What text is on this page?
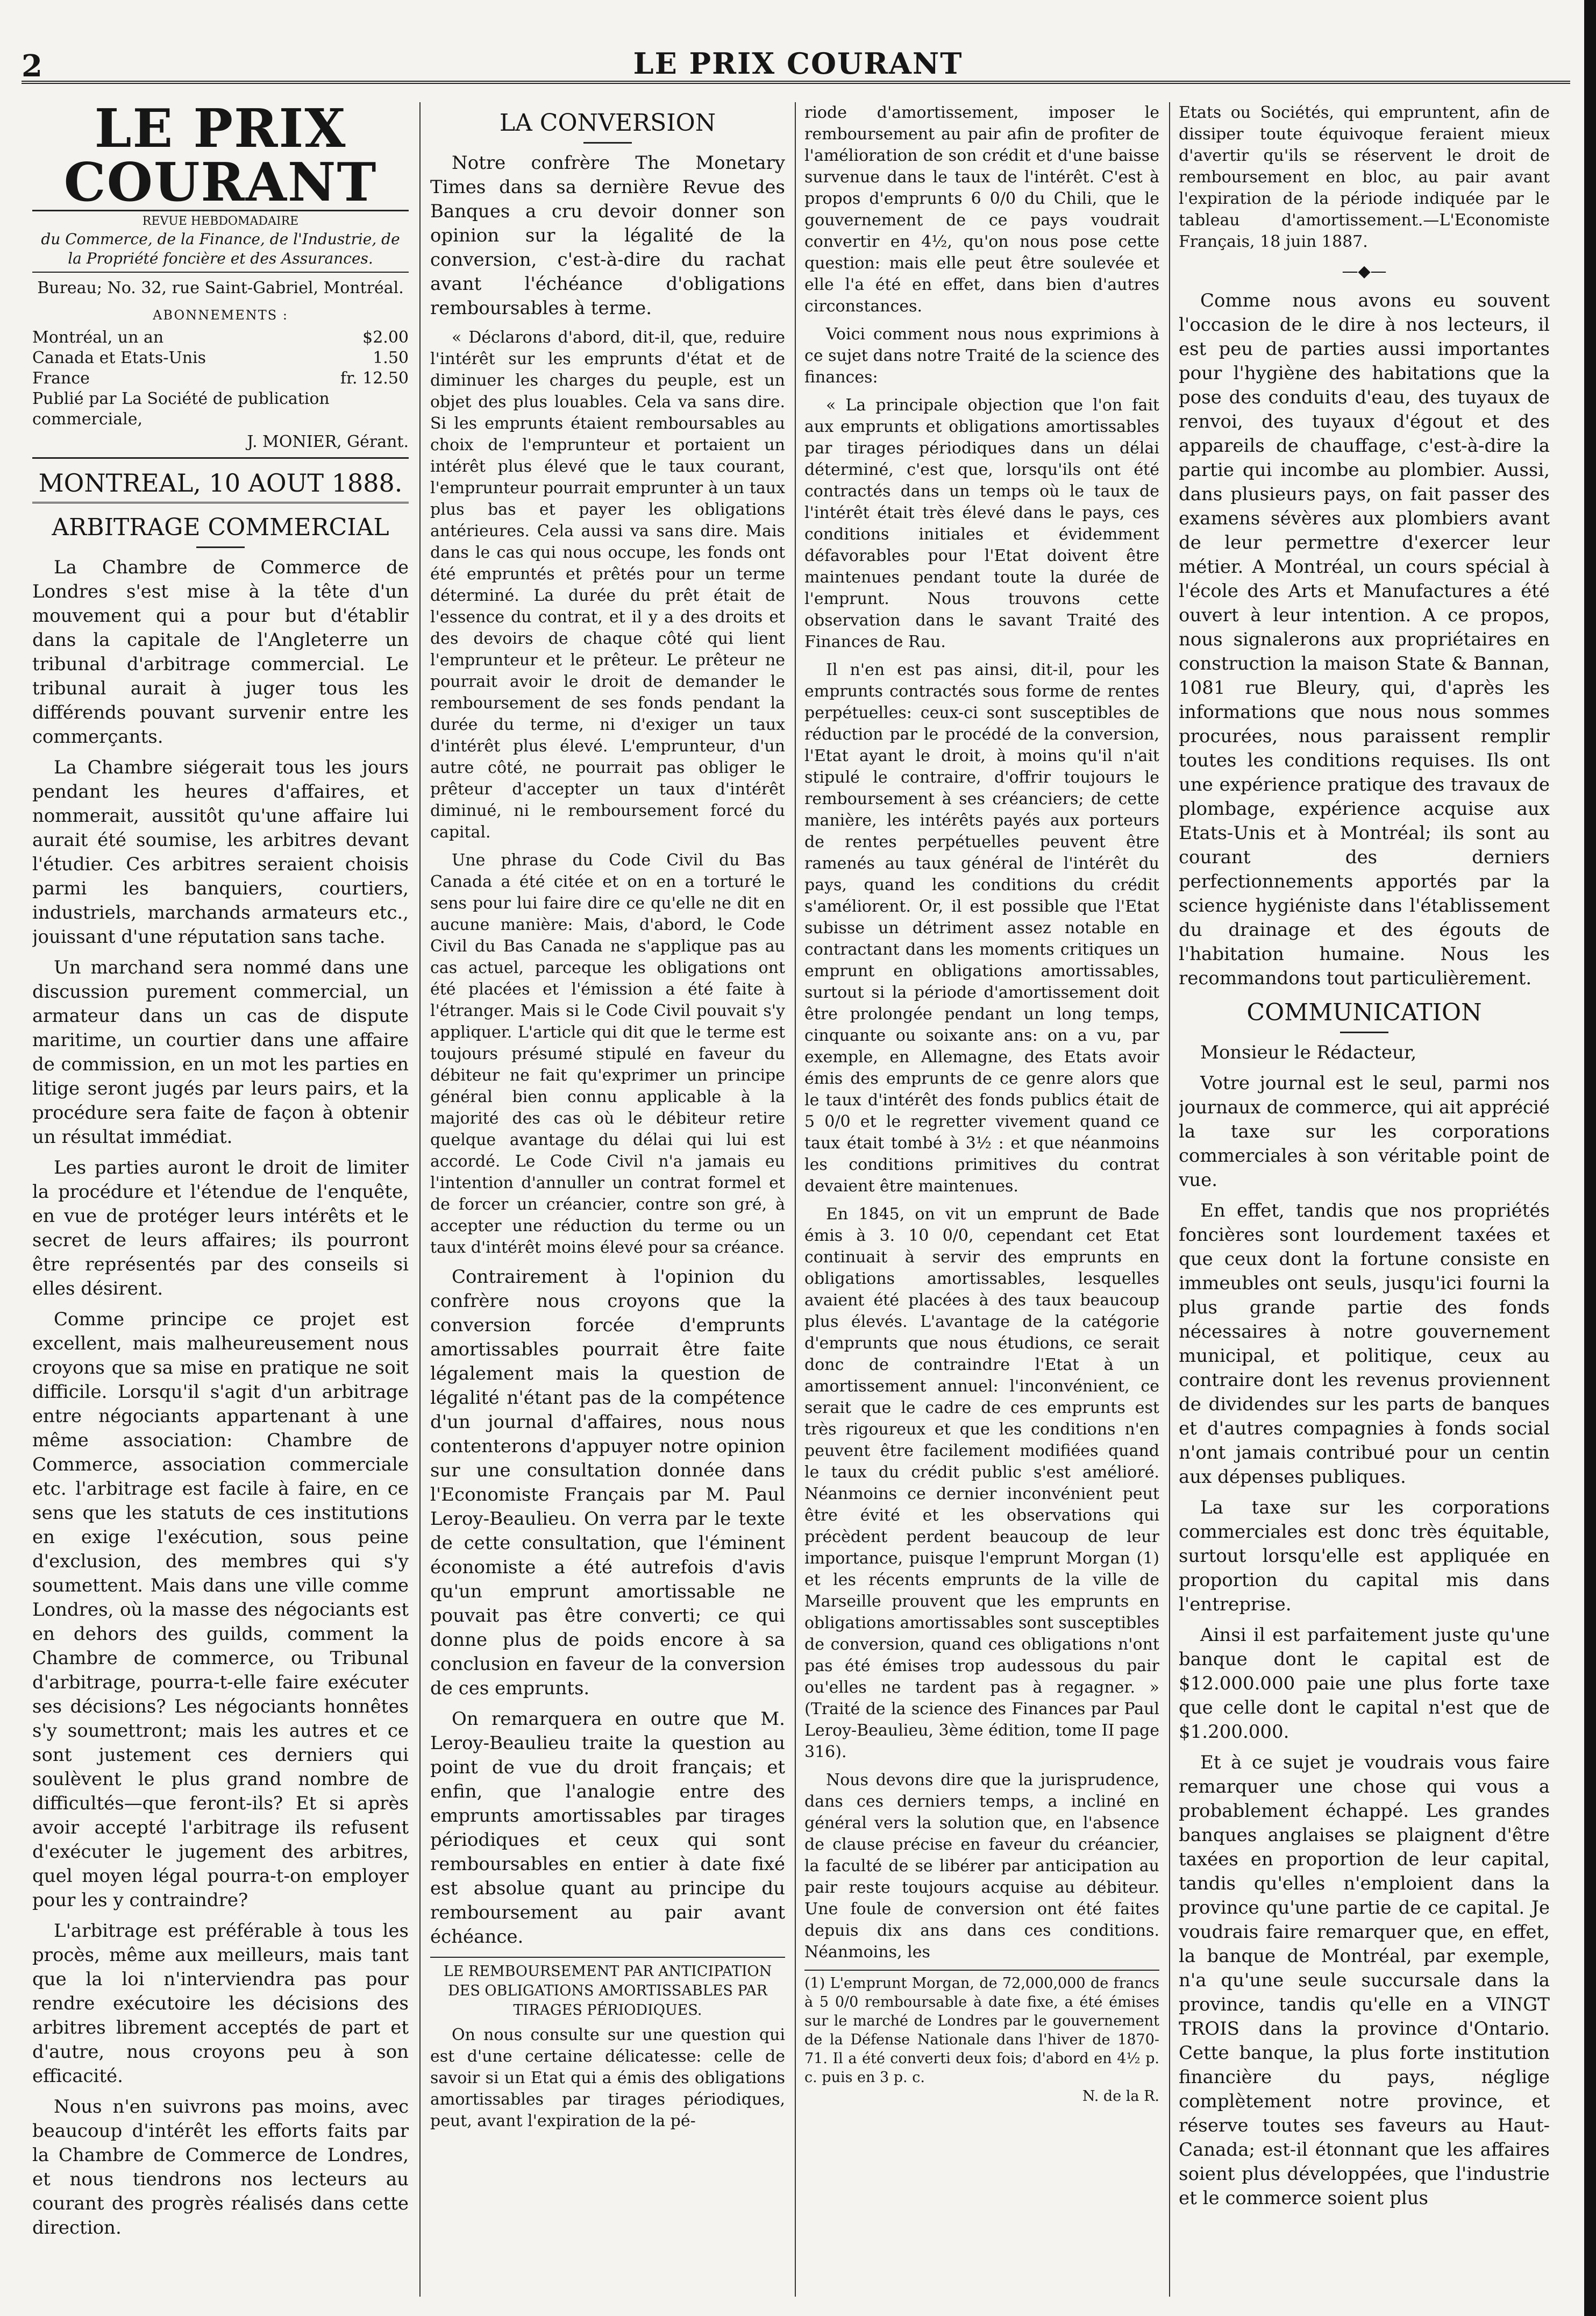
2	LE PRIX COURANT
LE PRIX COURANT
REVUE HEBDOMADAIRE
du Commerce, de la Finance, de l'Industrie, de la Propriété foncière et des Assurances.
Bureau; No. 32, rue Saint-Gabriel, Montréal.
ABONNEMENTS :
Montréal, un an	$2.00
Canada et Etats-Unis	1.50
France	fr. 12.50
Publié par La Société de publication commerciale,
J. MONIER, Gérant.
MONTREAL, 10 AOUT 1888.
ARBITRAGE COMMERCIAL

La Chambre de Commerce de Londres s'est mise à la tête d'un mouvement qui a pour but d'établir dans la capitale de l'Angleterre un tribunal d'arbitrage commercial. Le tribunal aurait à juger tous les différends pouvant survenir entre les commerçants.

La Chambre siégerait tous les jours pendant les heures d'affaires, et nommerait, aussitôt qu'une affaire lui aurait été soumise, les arbitres devant l'étudier. Ces arbitres seraient choisis parmi les banquiers, courtiers, industriels, marchands armateurs etc., jouissant d'une réputation sans tache.

Un marchand sera nommé dans une discussion purement commercial, un armateur dans un cas de dispute maritime, un courtier dans une affaire de commission, en un mot les parties en litige seront jugés par leurs pairs, et la procédure sera faite de façon à obtenir un résultat immédiat.

Les parties auront le droit de limiter la procédure et l'étendue de l'enquête, en vue de protéger leurs intérêts et le secret de leurs affaires; ils pourront être représentés par des conseils si elles désirent.

Comme principe ce projet est excellent, mais malheureusement nous croyons que sa mise en pratique ne soit difficile. Lorsqu'il s'agit d'un arbitrage entre négociants appartenant à une même association: Chambre de Commerce, association commerciale etc. l'arbitrage est facile à faire, en ce sens que les statuts de ces institutions en exige l'exécution, sous peine d'exclusion, des membres qui s'y soumettent. Mais dans une ville comme Londres, où la masse des négociants est en dehors des guilds, comment la Chambre de commerce, ou Tribunal d'arbitrage, pourra-t-elle faire exécuter ses décisions? Les négociants honnêtes s'y soumettront; mais les autres et ce sont justement ces derniers qui soulèvent le plus grand nombre de difficultés—que feront-ils? Et si après avoir accepté l'arbitrage ils refusent d'exécuter le jugement des arbitres, quel moyen légal pourra-t-on employer pour les y contraindre?

L'arbitrage est préférable à tous les procès, même aux meilleurs, mais tant que la loi n'interviendra pas pour rendre exécutoire les décisions des arbitres librement acceptés de part et d'autre, nous croyons peu à son efficacité.

Nous n'en suivrons pas moins, avec beaucoup d'intérêt les efforts faits par la Chambre de Commerce de Londres, et nous tiendrons nos lecteurs au courant des progrès réalisés dans cette direction.

LA CONVERSION

Notre confrère The Monetary Times dans sa dernière Revue des Banques a cru devoir donner son opinion sur la légalité de la conversion, c'est-à-dire du rachat avant l'échéance d'obligations remboursables à terme.

« Déclarons d'abord, dit-il, que, reduire l'intérêt sur les emprunts d'état et de diminuer les charges du peuple, est un objet des plus louables. Cela va sans dire. Si les emprunts étaient remboursables au choix de l'emprunteur et portaient un intérêt plus élevé que le taux courant, l'emprunteur pourrait emprunter à un taux plus bas et payer les obligations antérieures. Cela aussi va sans dire. Mais dans le cas qui nous occupe, les fonds ont été empruntés et prêtés pour un terme déterminé. La durée du prêt était de l'essence du contrat, et il y a des droits et des devoirs de chaque côté qui lient l'emprunteur et le prêteur. Le prêteur ne pourrait avoir le droit de demander le remboursement de ses fonds pendant la durée du terme, ni d'exiger un taux d'intérêt plus élevé. L'emprunteur, d'un autre côté, ne pourrait pas obliger le prêteur d'accepter un taux d'intérêt diminué, ni le remboursement forcé du capital.

Une phrase du Code Civil du Bas Canada a été citée et on en a torturé le sens pour lui faire dire ce qu'elle ne dit en aucune manière: Mais, d'abord, le Code Civil du Bas Canada ne s'applique pas au cas actuel, parceque les obligations ont été placées et l'émission a été faite à l'étranger. Mais si le Code Civil pouvait s'y appliquer. L'article qui dit que le terme est toujours présumé stipulé en faveur du débiteur ne fait qu'exprimer un principe général bien connu applicable à la majorité des cas où le débiteur retire quelque avantage du délai qui lui est accordé. Le Code Civil n'a jamais eu l'intention d'annuller un contrat formel et de forcer un créancier, contre son gré, à accepter une réduction du terme ou un taux d'intérêt moins élevé pour sa créance.

Contrairement à l'opinion du confrère nous croyons que la conversion forcée d'emprunts amortissables pourrait être faite légalement mais la question de légalité n'étant pas de la compétence d'un journal d'affaires, nous nous contenterons d'appuyer notre opinion sur une consultation donnée dans l'Economiste Français par M. Paul Leroy-Beaulieu. On verra par le texte de cette consultation, que l'éminent économiste a été autrefois d'avis qu'un emprunt amortissable ne pouvait pas être converti; ce qui donne plus de poids encore à sa conclusion en faveur de la conversion de ces emprunts.

On remarquera en outre que M. Leroy-Beaulieu traite la question au point de vue du droit français; et enfin, que l'analogie entre des emprunts amortissables par tirages périodiques et ceux qui sont remboursables en entier à date fixé est absolue quant au principe du remboursement au pair avant échéance.

LE REMBOURSEMENT PAR ANTICIPATION DES OBLIGATIONS AMORTISSABLES PAR TIRAGES PÉRIODIQUES.

On nous consulte sur une question qui est d'une certaine délicatesse: celle de savoir si un Etat qui a émis des obligations amortissables par tirages périodiques, peut, avant l'expiration de la pé-

riode d'amortissement, imposer le remboursement au pair afin de profiter de l'amélioration de son crédit et d'une baisse survenue dans le taux de l'intérêt. C'est à propos d'emprunts 6 0/0 du Chili, que le gouvernement de ce pays voudrait convertir en 4½, qu'on nous pose cette question: mais elle peut être soulevée et elle l'a été en effet, dans bien d'autres circonstances.

Voici comment nous nous exprimions à ce sujet dans notre Traité de la science des finances:

« La principale objection que l'on fait aux emprunts et obligations amortissables par tirages périodiques dans un délai déterminé, c'est que, lorsqu'ils ont été contractés dans un temps où le taux de l'intérêt était très élevé dans le pays, ces conditions initiales et évidemment défavorables pour l'Etat doivent être maintenues pendant toute la durée de l'emprunt. Nous trouvons cette observation dans le savant Traité des Finances de Rau.

Il n'en est pas ainsi, dit-il, pour les emprunts contractés sous forme de rentes perpétuelles: ceux-ci sont susceptibles de réduction par le procédé de la conversion, l'Etat ayant le droit, à moins qu'il n'ait stipulé le contraire, d'offrir toujours le remboursement à ses créanciers; de cette manière, les intérêts payés aux porteurs de rentes perpétuelles peuvent être ramenés au taux général de l'intérêt du pays, quand les conditions du crédit s'améliorent. Or, il est possible que l'Etat subisse un détriment assez notable en contractant dans les moments critiques un emprunt en obligations amortissables, surtout si la période d'amortissement doit être prolongée pendant un long temps, cinquante ou soixante ans: on a vu, par exemple, en Allemagne, des Etats avoir émis des emprunts de ce genre alors que le taux d'intérêt des fonds publics était de 5 0/0 et le regretter vivement quand ce taux était tombé à 3½ : et que néanmoins les conditions primitives du contrat devaient être maintenues.

En 1845, on vit un emprunt de Bade émis à 3. 10 0/0, cependant cet Etat continuait à servir des emprunts en obligations amortissables, lesquelles avaient été placées à des taux beaucoup plus élevés. L'avantage de la catégorie d'emprunts que nous étudions, ce serait donc de contraindre l'Etat à un amortissement annuel: l'inconvénient, ce serait que le cadre de ces emprunts est très rigoureux et que les conditions n'en peuvent être facilement modifiées quand le taux du crédit public s'est amélioré. Néanmoins ce dernier inconvénient peut être évité et les observations qui précèdent perdent beaucoup de leur importance, puisque l'emprunt Morgan (1) et les récents emprunts de la ville de Marseille prouvent que les emprunts en obligations amortissables sont susceptibles de conversion, quand ces obligations n'ont pas été émises trop audessous du pair ou'elles ne tardent pas à regagner. » (Traité de la science des Finances par Paul Leroy-Beaulieu, 3ème édition, tome II page 316).

Nous devons dire que la jurisprudence, dans ces derniers temps, a incliné en général vers la solution que, en l'absence de clause précise en faveur du créancier, la faculté de se libérer par anticipation au pair reste toujours acquise au débiteur. Une foule de conversion ont été faites depuis dix ans dans ces conditions. Néanmoins, les

(1) L'emprunt Morgan, de 72,000,000 de francs à 5 0/0 remboursable à date fixe, a été émises sur le marché de Londres par le gouvernement de la Défense Nationale dans l'hiver de 1870-71. Il a été converti deux fois; d'abord en 4½ p. c. puis en 3 p. c.
N. de la R.

Etats ou Sociétés, qui empruntent, afin de dissiper toute équivoque feraient mieux d'avertir qu'ils se réservent le droit de remboursement en bloc, au pair avant l'expiration de la période indiquée par le tableau d'amortissement.—L'Economiste Français, 18 juin 1887.

—◆—

Comme nous avons eu souvent l'occasion de le dire à nos lecteurs, il est peu de parties aussi importantes pour l'hygiène des habitations que la pose des conduits d'eau, des tuyaux de renvoi, des tuyaux d'égout et des appareils de chauffage, c'est-à-dire la partie qui incombe au plombier. Aussi, dans plusieurs pays, on fait passer des examens sévères aux plombiers avant de leur permettre d'exercer leur métier. A Montréal, un cours spécial à l'école des Arts et Manufactures a été ouvert à leur intention. A ce propos, nous signalerons aux propriétaires en construction la maison State & Bannan, 1081 rue Bleury, qui, d'après les informations que nous nous sommes procurées, nous paraissent remplir toutes les conditions requises. Ils ont une expérience pratique des travaux de plombage, expérience acquise aux Etats-Unis et à Montréal; ils sont au courant des derniers perfectionnements apportés par la science hygiéniste dans l'établissement du drainage et des égouts de l'habitation humaine. Nous les recommandons tout particulièrement.

COMMUNICATION

Monsieur le Rédacteur,

Votre journal est le seul, parmi nos journaux de commerce, qui ait apprécié la taxe sur les corporations commerciales à son véritable point de vue.

En effet, tandis que nos propriétés foncières sont lourdement taxées et que ceux dont la fortune consiste en immeubles ont seuls, jusqu'ici fourni la plus grande partie des fonds nécessaires à notre gouvernement municipal, et politique, ceux au contraire dont les revenus proviennent de dividendes sur les parts de banques et d'autres compagnies à fonds social n'ont jamais contribué pour un centin aux dépenses publiques.

La taxe sur les corporations commerciales est donc très équitable, surtout lorsqu'elle est appliquée en proportion du capital mis dans l'entreprise.

Ainsi il est parfaitement juste qu'une banque dont le capital est de $12.000.000 paie une plus forte taxe que celle dont le capital n'est que de $1.200.000.

Et à ce sujet je voudrais vous faire remarquer une chose qui vous a probablement échappé. Les grandes banques anglaises se plaignent d'être taxées en proportion de leur capital, tandis qu'elles n'emploient dans la province qu'une partie de ce capital. Je voudrais faire remarquer que, en effet, la banque de Montréal, par exemple, n'a qu'une seule succursale dans la province, tandis qu'elle en a VINGT TROIS dans la province d'Ontario. Cette banque, la plus forte institution financière du pays, néglige complètement notre province, et réserve toutes ses faveurs au Haut-Canada; est-il étonnant que les affaires soient plus développées, que l'industrie et le commerce soient plus
